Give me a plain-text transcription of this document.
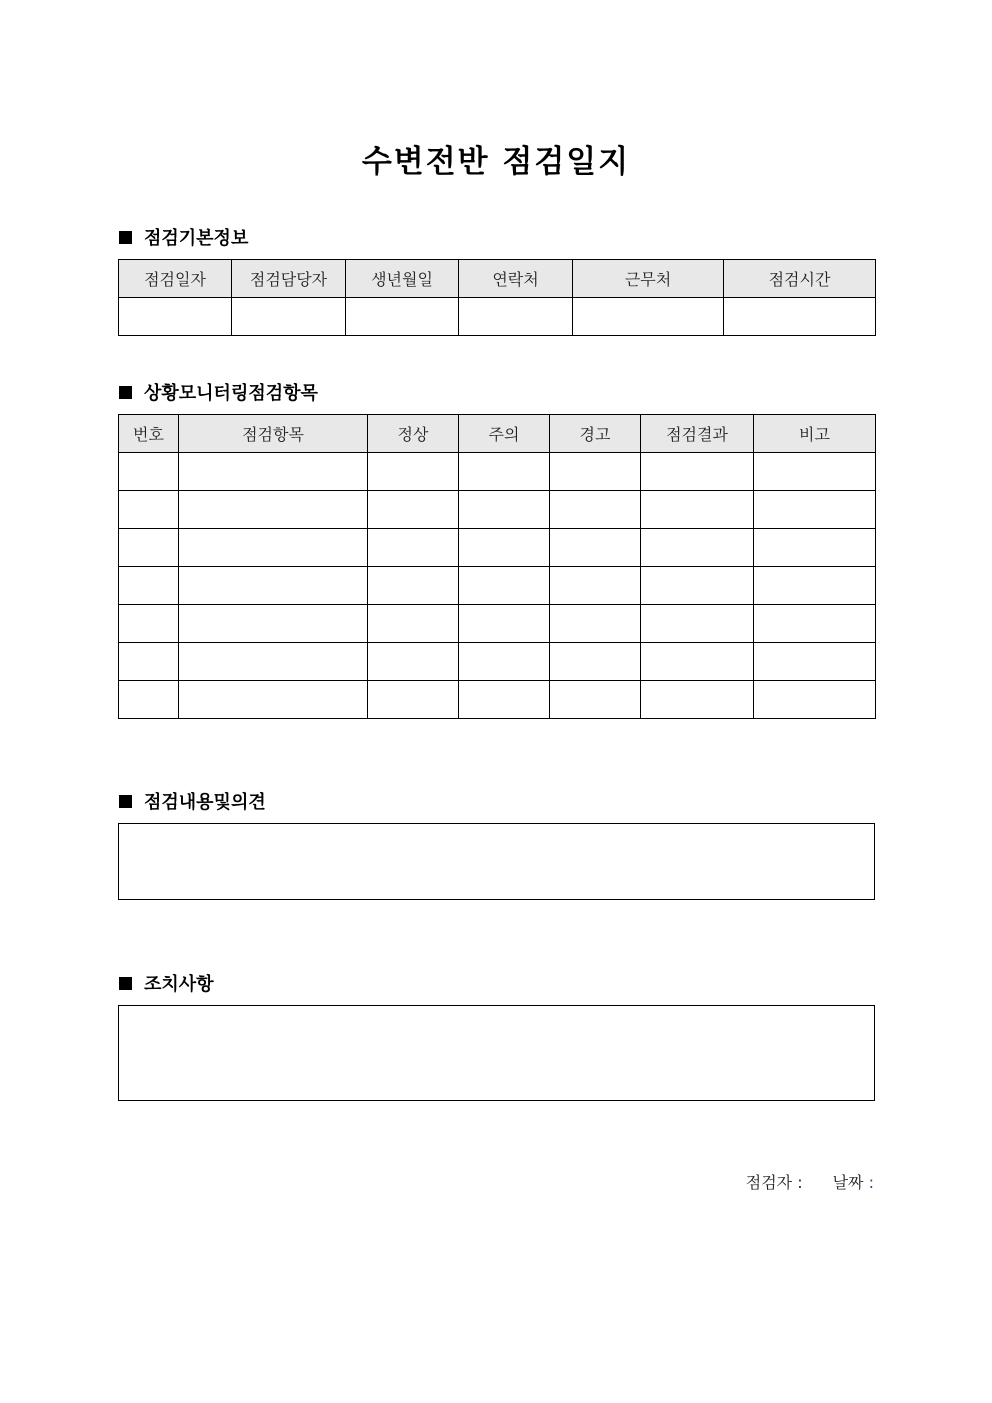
수변전반 점검일지
점검기본정보
점검일자	점검담당자	생년월일	연락처	근무처	점검시간

상황모니터링점검항목
번호	점검항목	정상	주의	경고	점검결과	비고

점검내용및의견
조치사항
점검자 : 날짜 :
